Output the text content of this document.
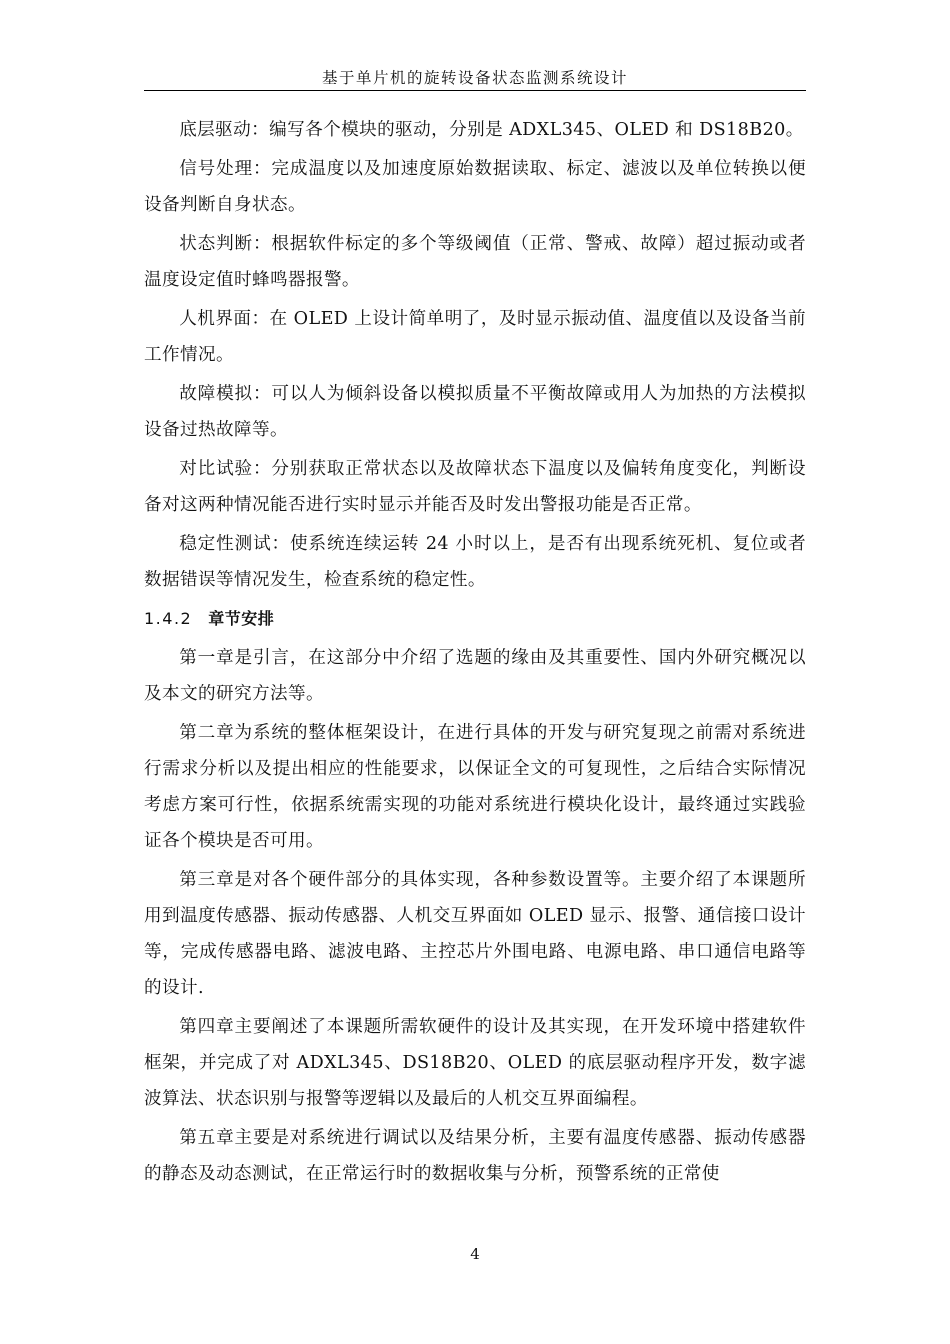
基于单片机的旋转设备状态监测系统设计

底层驱动：编写各个模块的驱动，分别是 ADXL345、OLED 和 DS18B20。

信号处理：完成温度以及加速度原始数据读取、标定、滤波以及单位转换以便设备判断自身状态。

状态判断：根据软件标定的多个等级阈值（正常、警戒、故障）超过振动或者温度设定值时蜂鸣器报警。

人机界面：在 OLED 上设计简单明了，及时显示振动值、温度值以及设备当前工作情况。

故障模拟：可以人为倾斜设备以模拟质量不平衡故障或用人为加热的方法模拟设备过热故障等。

对比试验：分别获取正常状态以及故障状态下温度以及偏转角度变化，判断设备对这两种情况能否进行实时显示并能否及时发出警报功能是否正常。

稳定性测试：使系统连续运转 24 小时以上，是否有出现系统死机、复位或者数据错误等情况发生，检查系统的稳定性。

1.4.2 章节安排

第一章是引言，在这部分中介绍了选题的缘由及其重要性、国内外研究概况以及本文的研究方法等。

第二章为系统的整体框架设计，在进行具体的开发与研究复现之前需对系统进行需求分析以及提出相应的性能要求，以保证全文的可复现性，之后结合实际情况考虑方案可行性，依据系统需实现的功能对系统进行模块化设计，最终通过实践验证各个模块是否可用。

第三章是对各个硬件部分的具体实现，各种参数设置等。主要介绍了本课题所用到温度传感器、振动传感器、人机交互界面如 OLED 显示、报警、通信接口设计等，完成传感器电路、滤波电路、主控芯片外围电路、电源电路、串口通信电路等的设计.

第四章主要阐述了本课题所需软硬件的设计及其实现，在开发环境中搭建软件框架，并完成了对 ADXL345、DS18B20、OLED 的底层驱动程序开发，数字滤波算法、状态识别与报警等逻辑以及最后的人机交互界面编程。

第五章主要是对系统进行调试以及结果分析，主要有温度传感器、振动传感器的静态及动态测试，在正常运行时的数据收集与分析，预警系统的正常使

4
